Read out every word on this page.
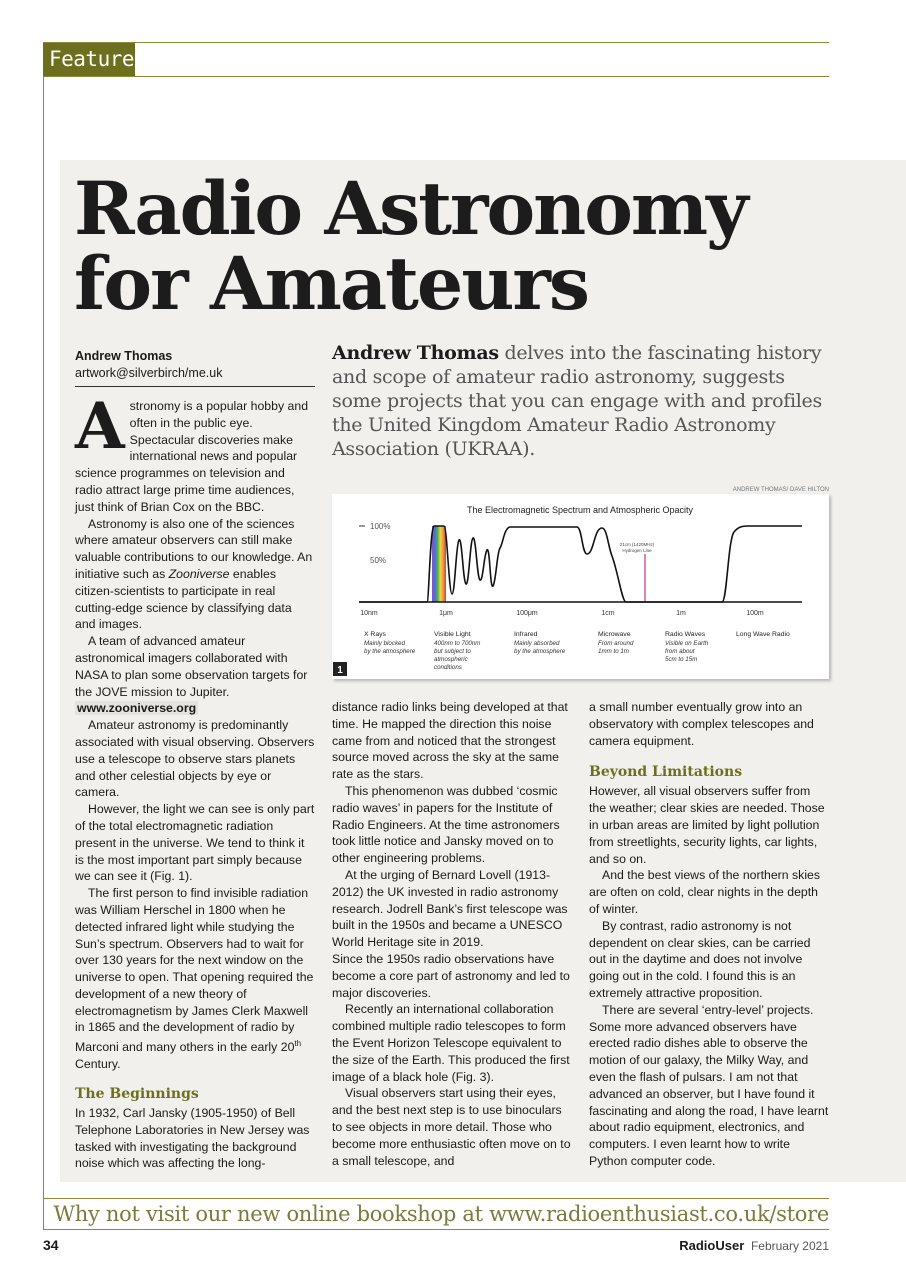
Feature
Radio Astronomy
for Amateurs
Andrew Thomas
artwork@silverbirch/me.uk
Andrew Thomas delves into the fascinating history and scope of amateur radio astronomy, suggests some projects that you can engage with and profiles the United Kingdom Amateur Radio Astronomy Association (UKRAA).
ANDREW THOMAS/ DAVE HILTON
The Electromagnetic Spectrum and Atmospheric Opacity
100%
50%
21cm (1420MHz)
Hydrogen Line
10nm	1μm	100μm	1cm	1m	100m
X Rays
Mainly blocked
by the atmosphere
Visible Light
400nm to 700nm
but subject to
atmospheric
conditions
Infrared
Mainly absorbed
by the atmosphere
Microwave
From around
1mm to 1m
Radio Waves
Visible on Earth
from about
5cm to 15m
Long Wave Radio
1

Astronomy is a popular hobby and often in the public eye. Spectacular discoveries make international news and popular science programmes on television and radio attract large prime time audiences, just think of Brian Cox on the BBC.

Astronomy is also one of the sciences where amateur observers can still make valuable contributions to our knowledge. An initiative such as Zooniverse enables citizen-scientists to participate in real cutting-edge science by classifying data and images.

A team of advanced amateur astronomical imagers collaborated with NASA to plan some observation targets for the JOVE mission to Jupiter.

www.zooniverse.org

Amateur astronomy is predominantly associated with visual observing. Observers use a telescope to observe stars planets and other celestial objects by eye or camera.

However, the light we can see is only part of the total electromagnetic radiation present in the universe. We tend to think it is the most important part simply because we can see it (Fig. 1).

The first person to find invisible radiation was William Herschel in 1800 when he detected infrared light while studying the Sun’s spectrum. Observers had to wait for over 130 years for the next window on the universe to open. That opening required the development of a new theory of electromagnetism by James Clerk Maxwell in 1865 and the development of radio by Marconi and many others in the early 20th Century.

The Beginnings

In 1932, Carl Jansky (1905-1950) of Bell Telephone Laboratories in New Jersey was tasked with investigating the background noise which was affecting the long-

distance radio links being developed at that time. He mapped the direction this noise came from and noticed that the strongest source moved across the sky at the same rate as the stars.

This phenomenon was dubbed ‘cosmic radio waves’ in papers for the Institute of Radio Engineers. At the time astronomers took little notice and Jansky moved on to other engineering problems.

At the urging of Bernard Lovell (1913-2012) the UK invested in radio astronomy research. Jodrell Bank’s first telescope was built in the 1950s and became a UNESCO World Heritage site in 2019.

Since the 1950s radio observations have become a core part of astronomy and led to major discoveries.

Recently an international collaboration combined multiple radio telescopes to form the Event Horizon Telescope equivalent to the size of the Earth. This produced the first image of a black hole (Fig. 3).

Visual observers start using their eyes, and the best next step is to use binoculars to see objects in more detail. Those who become more enthusiastic often move on to a small telescope, and

a small number eventually grow into an observatory with complex telescopes and camera equipment.

Beyond Limitations

However, all visual observers suffer from the weather; clear skies are needed. Those in urban areas are limited by light pollution from streetlights, security lights, car lights, and so on.

And the best views of the northern skies are often on cold, clear nights in the depth of winter.

By contrast, radio astronomy is not dependent on clear skies, can be carried out in the daytime and does not involve going out in the cold. I found this is an extremely attractive proposition.

There are several ‘entry-level’ projects. Some more advanced observers have erected radio dishes able to observe the motion of our galaxy, the Milky Way, and even the flash of pulsars. I am not that advanced an observer, but I have found it fascinating and along the road, I have learnt about radio equipment, electronics, and computers. I even learnt how to write Python computer code.

Why not visit our new online bookshop at www.radioenthusiast.co.uk/store
34	RadioUser February 2021
